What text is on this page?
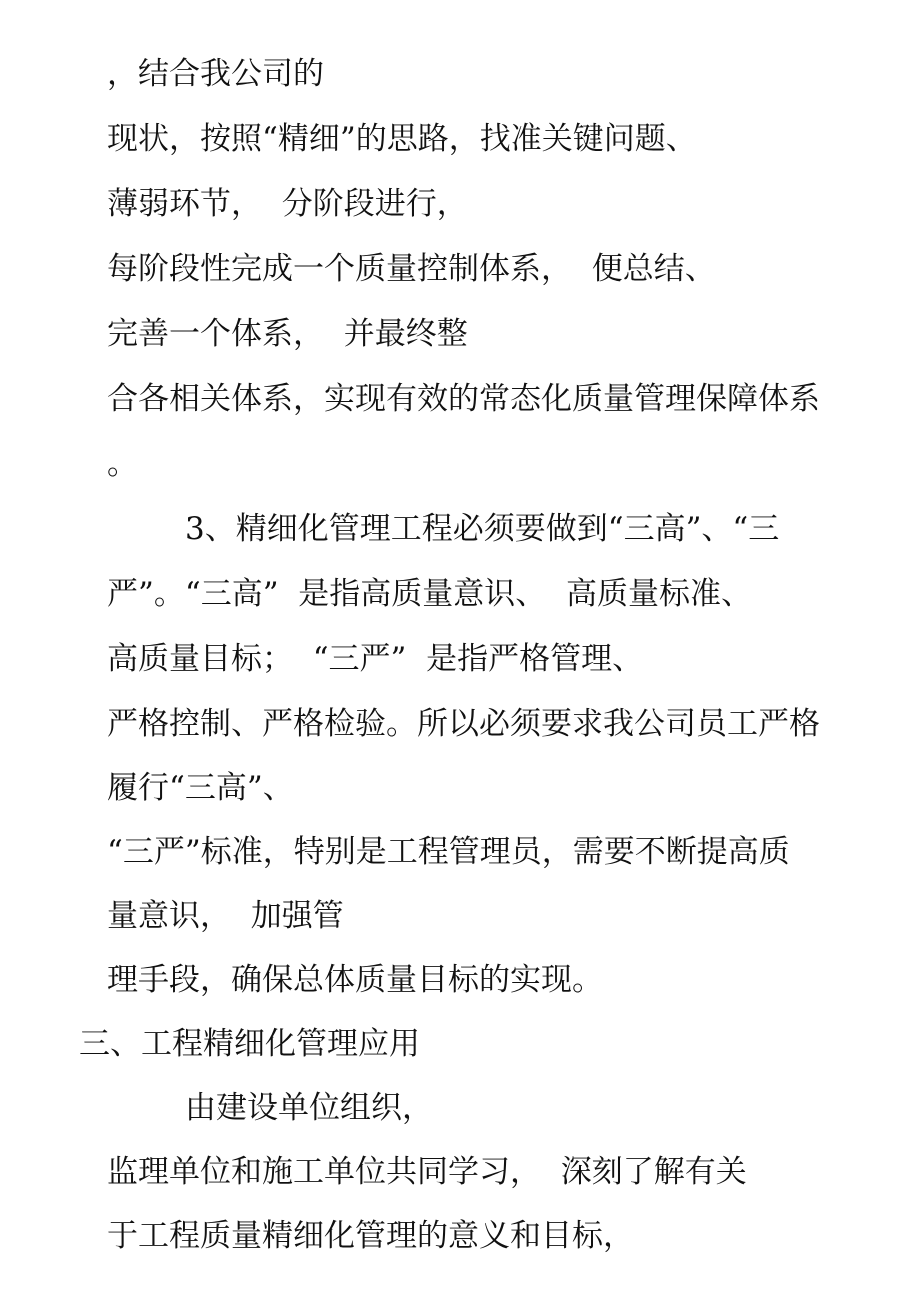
，结合我公司的
现状，按照“精细”的思路，找准关键问题、
薄弱环节，  分阶段进行，
每阶段性完成一个质量控制体系，  便总结、
完善一个体系，  并最终整
合各相关体系，实现有效的常态化质量管理保障体系
。
3、精细化管理工程必须要做到“三高”、“三
严”。“三高”  是指高质量意识、  高质量标准、
高质量目标；  “三严”  是指严格管理、
严格控制、严格检验。所以必须要求我公司员工严格
履行“三高”、
“三严”标准，特别是工程管理员，需要不断提高质
量意识，  加强管
理手段，确保总体质量目标的实现。
三、工程精细化管理应用
由建设单位组织，
监理单位和施工单位共同学习，  深刻了解有关
于工程质量精细化管理的意义和目标，
